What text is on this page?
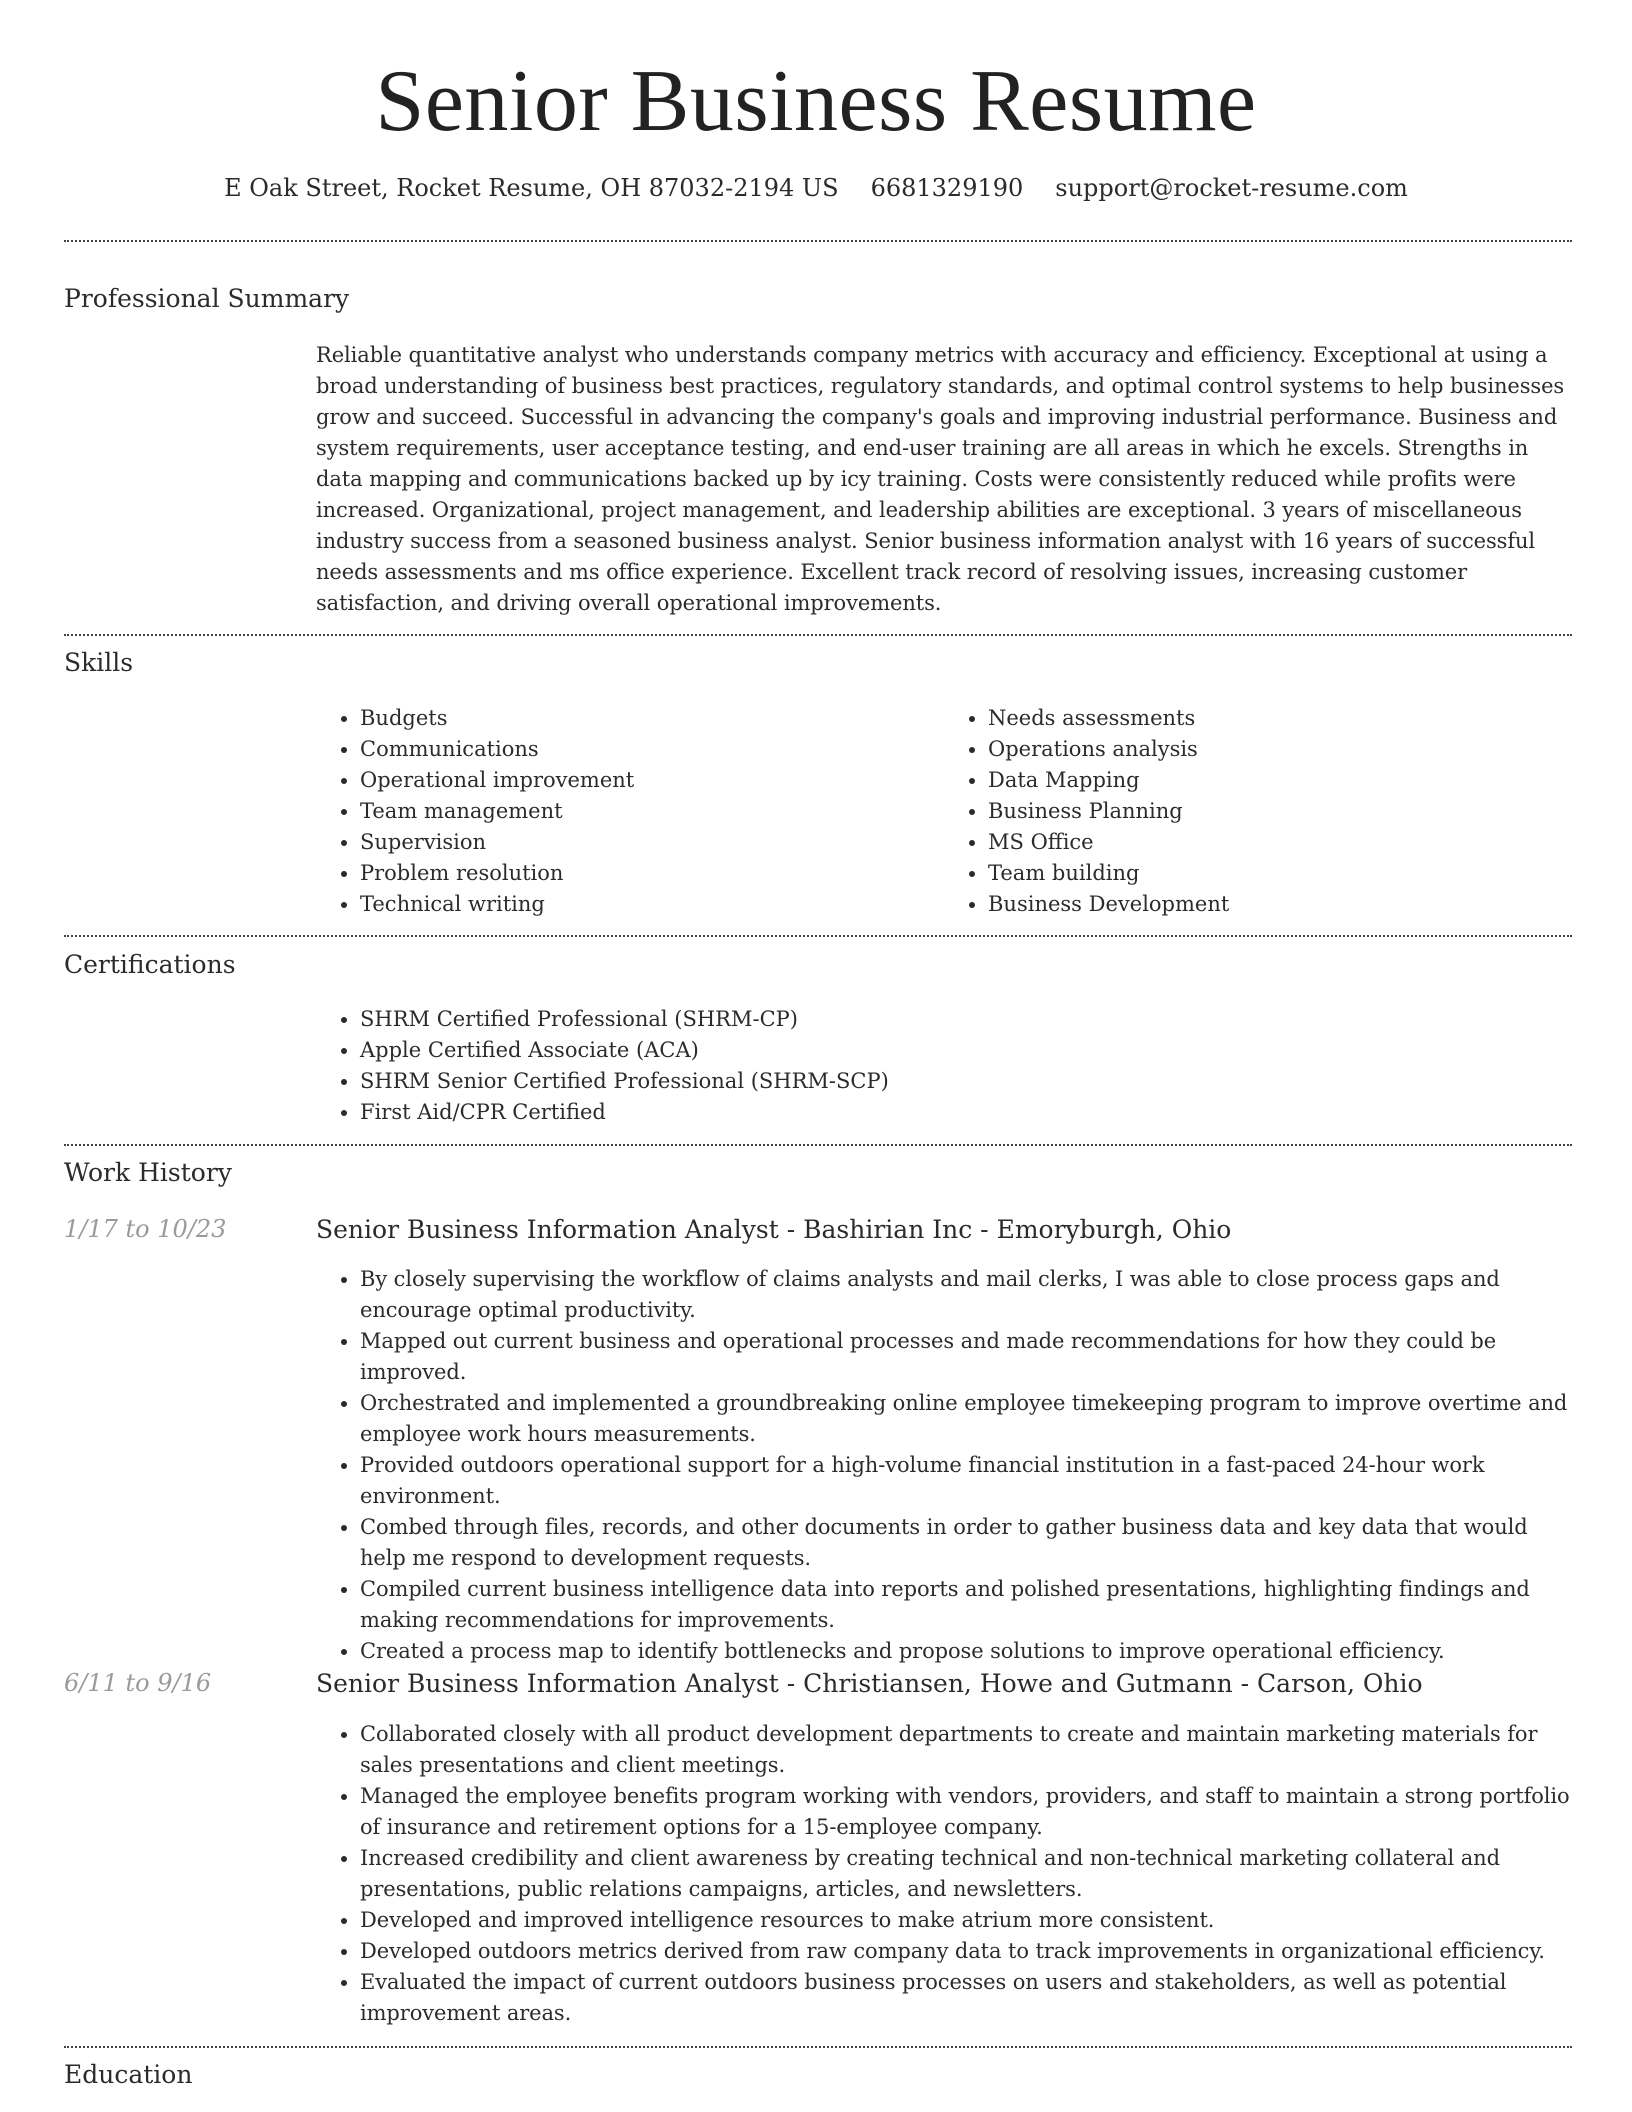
Senior Business Resume
E Oak Street, Rocket Resume, OH 87032-2194 US 6681329190 support@rocket-resume.com
Professional Summary

Reliable quantitative analyst who understands company metrics with accuracy and efficiency. Exceptional at using a broad understanding of business best practices, regulatory standards, and optimal control systems to help businesses grow and succeed. Successful in advancing the company's goals and improving industrial performance. Business and system requirements, user acceptance testing, and end-user training are all areas in which he excels. Strengths in data mapping and communications backed up by icy training. Costs were consistently reduced while profits were increased. Organizational, project management, and leadership abilities are exceptional. 3 years of miscellaneous industry success from a seasoned business analyst. Senior business information analyst with 16 years of successful needs assessments and ms office experience. Excellent track record of resolving issues, increasing customer satisfaction, and driving overall operational improvements.

Skills
• Budgets
• Communications
• Operational improvement
• Team management
• Supervision
• Problem resolution
• Technical writing
• Needs assessments
• Operations analysis
• Data Mapping
• Business Planning
• MS Office
• Team building
• Business Development
Certifications
• SHRM Certified Professional (SHRM-CP)
• Apple Certified Associate (ACA)
• SHRM Senior Certified Professional (SHRM-SCP)
• First Aid/CPR Certified
Work History
1/17 to 10/23	Senior Business Information Analyst - Bashirian Inc - Emoryburgh, Ohio
• By closely supervising the workflow of claims analysts and mail clerks, I was able to close process gaps and encourage optimal productivity.
• Mapped out current business and operational processes and made recommendations for how they could be improved.
• Orchestrated and implemented a groundbreaking online employee timekeeping program to improve overtime and employee work hours measurements.
• Provided outdoors operational support for a high-volume financial institution in a fast-paced 24-hour work environment.
• Combed through files, records, and other documents in order to gather business data and key data that would help me respond to development requests.
• Compiled current business intelligence data into reports and polished presentations, highlighting findings and making recommendations for improvements.
• Created a process map to identify bottlenecks and propose solutions to improve operational efficiency.
6/11 to 9/16	Senior Business Information Analyst - Christiansen, Howe and Gutmann - Carson, Ohio
• Collaborated closely with all product development departments to create and maintain marketing materials for sales presentations and client meetings.
• Managed the employee benefits program working with vendors, providers, and staff to maintain a strong portfolio of insurance and retirement options for a 15-employee company.
• Increased credibility and client awareness by creating technical and non-technical marketing collateral and presentations, public relations campaigns, articles, and newsletters.
• Developed and improved intelligence resources to make atrium more consistent.
• Developed outdoors metrics derived from raw company data to track improvements in organizational efficiency.
• Evaluated the impact of current outdoors business processes on users and stakeholders, as well as potential improvement areas.
Education
